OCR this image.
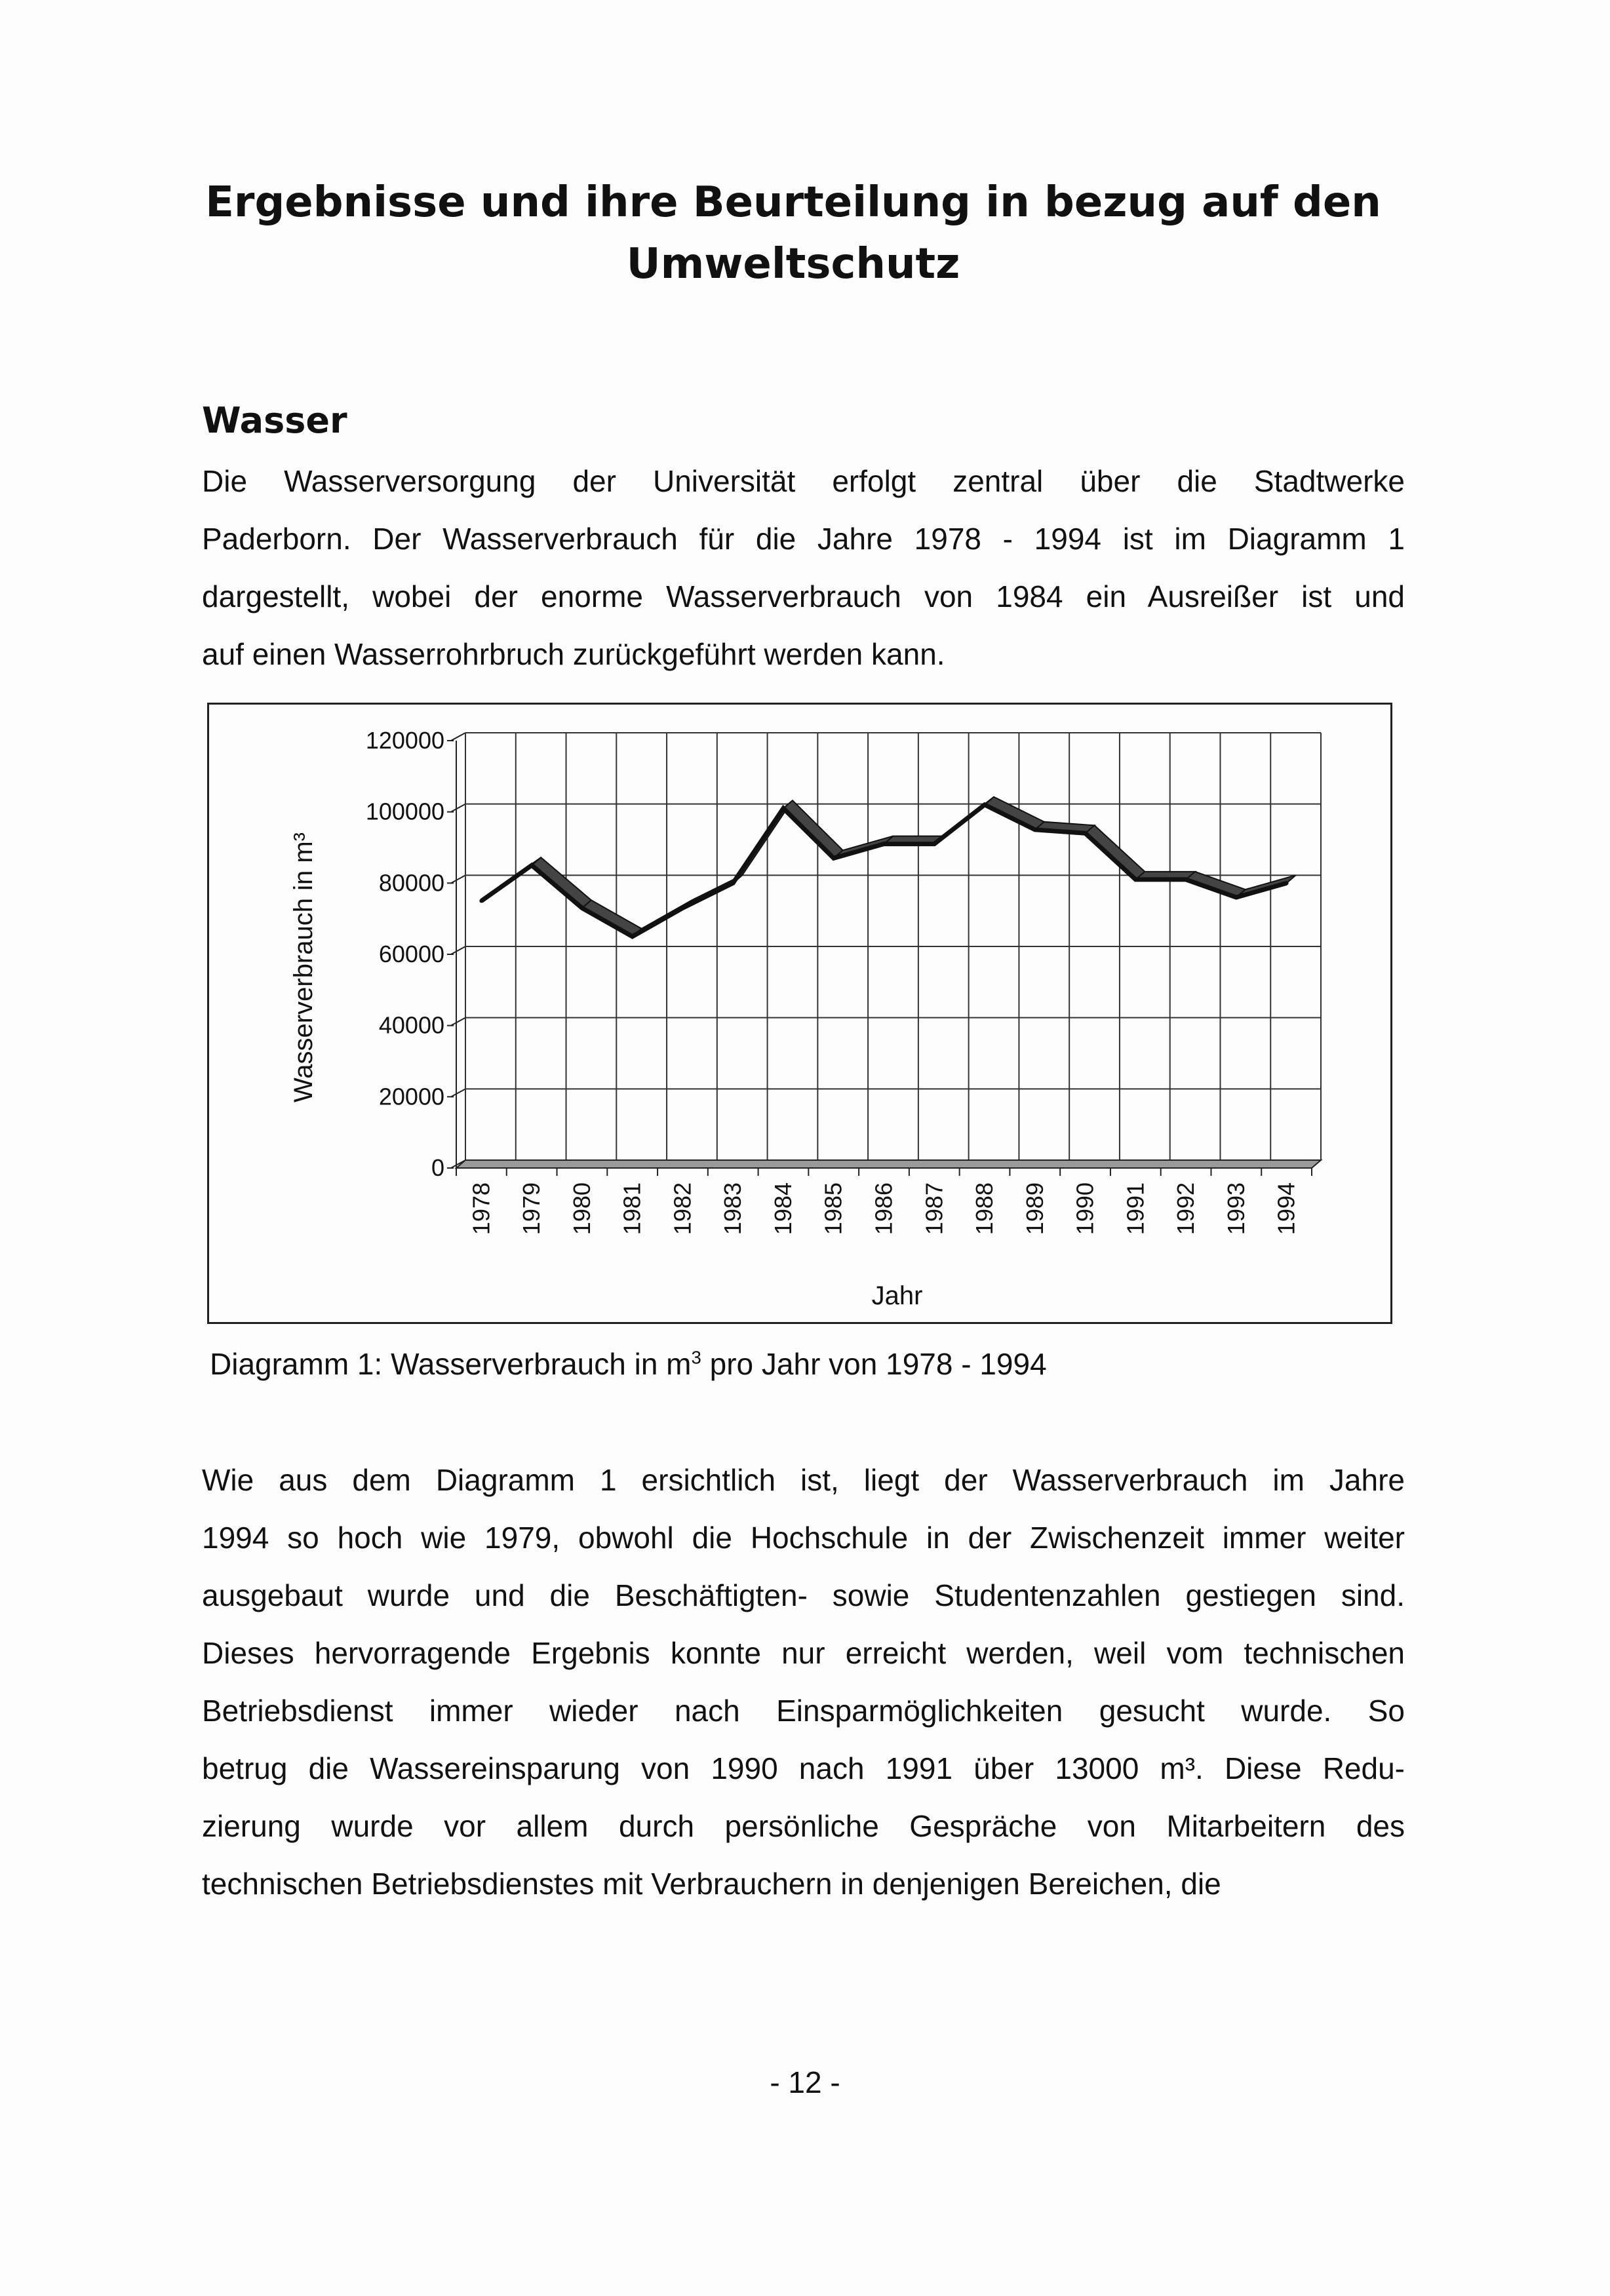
Ergebnisse und ihre Beurteilung in bezug auf den
Umweltschutz
Wasser
Die Wasserversorgung der Universität erfolgt zentral über die Stadtwerke
Paderborn. Der Wasserverbrauch für die Jahre 1978 - 1994 ist im Diagramm 1
dargestellt, wobei der enorme Wasserverbrauch von 1984 ein Ausreißer ist und
auf einen Wasserrohrbruch zurückgeführt werden kann.
0
20000
40000
60000
80000
100000
120000
1978 1979 1980 1981 1982 1983 1984 1985 1986 1987 1988 1989 1990 1991 1992 1993 1994
Jahr
Wasserverbrauch in m³
Diagramm 1: Wasserverbrauch in $m^3$ pro Jahr von 1978 - 1994
Wie aus dem Diagramm 1 ersichtlich ist, liegt der Wasserverbrauch im Jahre
1994 so hoch wie 1979, obwohl die Hochschule in der Zwischenzeit immer weiter
ausgebaut wurde und die Beschäftigten- sowie Studentenzahlen gestiegen sind.
Dieses hervorragende Ergebnis konnte nur erreicht werden, weil vom technischen
Betriebsdienst immer wieder nach Einsparmöglichkeiten gesucht wurde. So
betrug die Wassereinsparung von 1990 nach 1991 über 13000 m³. Diese Redu-
zierung wurde vor allem durch persönliche Gespräche von Mitarbeitern des
technischen Betriebsdienstes mit Verbrauchern in denjenigen Bereichen, die
- 12 -
